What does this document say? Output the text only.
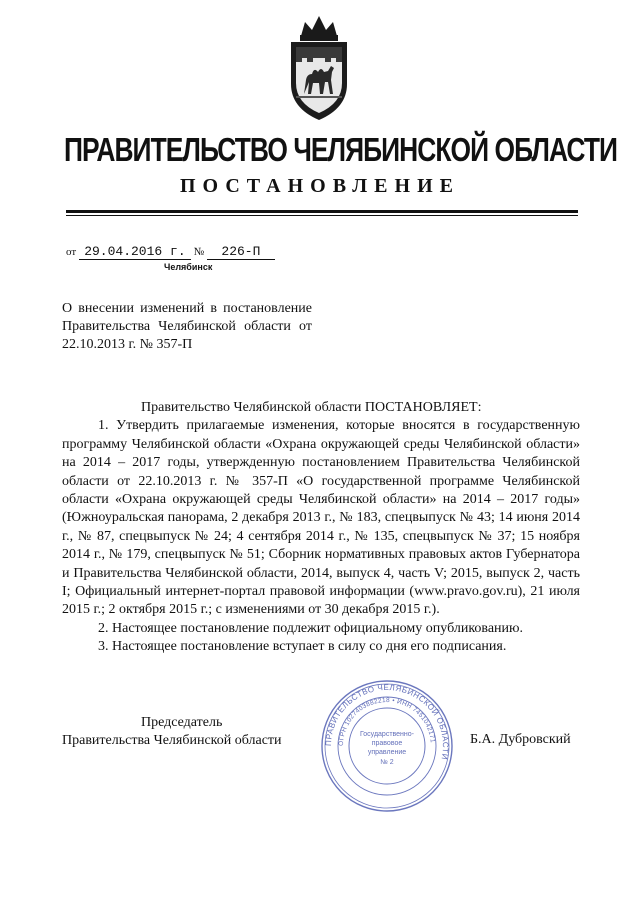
ПРАВИТЕЛЬСТВО ЧЕЛЯБИНСКОЙ ОБЛАСТИ
ПОСТАНОВЛЕНИЕ
от 29.04.2016 г. № 226-П
Челябинск
О внесении изменений в постановление Правительства Челябинской области от 22.10.2013 г. № 357-П

Правительство Челябинской области ПОСТАНОВЛЯЕТ:

1. Утвердить прилагаемые изменения, которые вносятся в государственную программу Челябинской области «Охрана окружающей среды Челябинской области» на 2014 – 2017 годы, утвержденную постановлением Правительства Челябинской области от 22.10.2013 г. № 357-П «О государственной программе Челябинской области «Охрана окружающей среды Челябинской области» на 2014 – 2017 годы» (Южноуральская панорама, 2 декабря 2013 г., № 183, спецвыпуск № 43; 14 июня 2014 г., № 87, спецвыпуск № 24; 4 сентября 2014 г., № 135, спецвыпуск № 37; 15 ноября 2014 г., № 179, спецвыпуск № 51; Сборник нормативных правовых актов Губернатора и Правительства Челябинской области, 2014, выпуск 4, часть V; 2015, выпуск 2, часть I; Официальный интернет-портал правовой информации (www.pravo.gov.ru), 21 июля 2015 г.; 2 октября 2015 г.; с изменениями от 30 декабря 2015 г.).

2. Настоящее постановление подлежит официальному опубликованию.

3. Настоящее постановление вступает в силу со дня его подписания.

Председатель
Правительства Челябинской области	ПРАВИТЕЛЬСТВО ЧЕЛЯБИНСКОЙ ОБЛАСТИ
ОГРН 1027403882218 • ИНН 7451042171
Государственно-
правовое
управление
№ 2
Б.А. Дубровский
